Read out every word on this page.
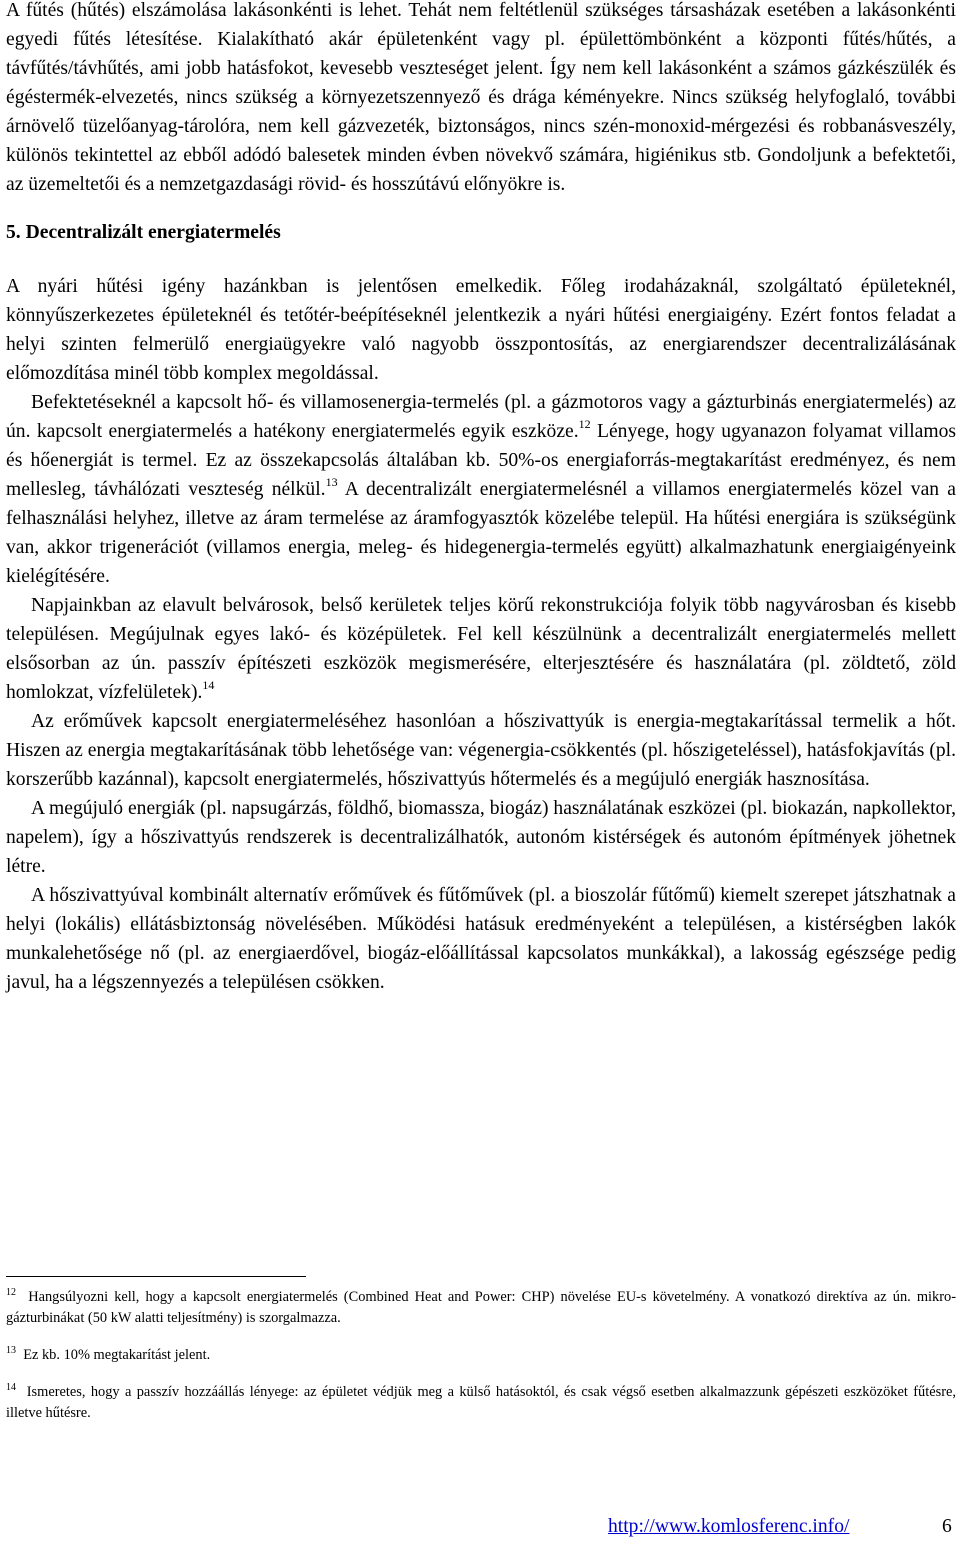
A fűtés (hűtés) elszámolása lakásonkénti is lehet. Tehát nem feltétlenül szükséges társasházak esetében a lakásonkénti egyedi fűtés létesítése. Kialakítható akár épületenként vagy pl. épülettömbönként a központi fűtés/hűtés, a távfűtés/távhűtés, ami jobb hatásfokot, kevesebb veszteséget jelent. Így nem kell lakásonként a számos gázkészülék és égéstermék-elvezetés, nincs szükség a környezetszennyező és drága kéményekre. Nincs szükség helyfoglaló, további árnövelő tüzelőanyag-tárolóra, nem kell gázvezeték, biztonságos, nincs szén-monoxid-mérgezési és robbanásveszély, különös tekintettel az ebből adódó balesetek minden évben növekvő számára, higiénikus stb. Gondoljunk a befektetői, az üzemeltetői és a nemzetgazdasági rövid- és hosszútávú előnyökre is.

5. Decentralizált energiatermelés

A nyári hűtési igény hazánkban is jelentősen emelkedik. Főleg irodaházaknál, szolgáltató épületeknél, könnyűszerkezetes épületeknél és tetőtér-beépítéseknél jelentkezik a nyári hűtési energiaigény. Ezért fontos feladat a helyi szinten felmerülő energiaügyekre való nagyobb összpontosítás, az energiarendszer decentralizálásának előmozdítása minél több komplex megoldással.

Befektetéseknél a kapcsolt hő- és villamosenergia-termelés (pl. a gázmotoros vagy a gázturbinás energiatermelés) az ún. kapcsolt energiatermelés a hatékony energiatermelés egyik eszköze.$^{12}$ Lényege, hogy ugyanazon folyamat villamos és hőenergiát is termel. Ez az összekapcsolás általában kb. 50%-os energiaforrás-megtakarítást eredményez, és nem mellesleg, távhálózati veszteség nélkül.$^{13}$ A decentralizált energiatermelésnél a villamos energiatermelés közel van a felhasználási helyhez, illetve az áram termelése az áramfogyasztók közelébe települ. Ha hűtési energiára is szükségünk van, akkor trigenerációt (villamos energia, meleg- és hidegenergia-termelés együtt) alkalmazhatunk energiaigényeink kielégítésére.

Napjainkban az elavult belvárosok, belső kerületek teljes körű rekonstrukciója folyik több nagyvárosban és kisebb településen. Megújulnak egyes lakó- és középületek. Fel kell készülnünk a decentralizált energiatermelés mellett elsősorban az ún. passzív építészeti eszközök megismerésére, elterjesztésére és használatára (pl. zöldtető, zöld homlokzat, vízfelületek).$^{14}$

Az erőművek kapcsolt energiatermeléséhez hasonlóan a hőszivattyúk is energia-megtakarítással termelik a hőt. Hiszen az energia megtakarításának több lehetősége van: végenergia-csökkentés (pl. hőszigeteléssel), hatásfokjavítás (pl. korszerűbb kazánnal), kapcsolt energiatermelés, hőszivattyús hőtermelés és a megújuló energiák hasznosítása.

A megújuló energiák (pl. napsugárzás, földhő, biomassza, biogáz) használatának eszközei (pl. biokazán, napkollektor, napelem), így a hőszivattyús rendszerek is decentralizálhatók, autonóm kistérségek és autonóm építmények jöhetnek létre.

A hőszivattyúval kombinált alternatív erőművek és fűtőművek (pl. a bioszolár fűtőmű) kiemelt szerepet játszhatnak a helyi (lokális) ellátásbiztonság növelésében. Működési hatásuk eredményeként a településen, a kistérségben lakók munkalehetősége nő (pl. az energiaerdővel, biogáz-előállítással kapcsolatos munkákkal), a lakosság egészsége pedig javul, ha a légszennyezés a településen csökken.

$^{12}$ Hangsúlyozni kell, hogy a kapcsolt energiatermelés (Combined Heat and Power: CHP) növelése EU-s követelmény. A vonatkozó direktíva az ún. mikro-gázturbinákat (50 kW alatti teljesítmény) is szorgalmazza.

$^{13}$ Ez kb. 10% megtakarítást jelent.

$^{14}$ Ismeretes, hogy a passzív hozzáállás lényege: az épületet védjük meg a külső hatásoktól, és csak végső esetben alkalmazzunk gépészeti eszközöket fűtésre, illetve hűtésre.

http://www.komlosferenc.info/	6
